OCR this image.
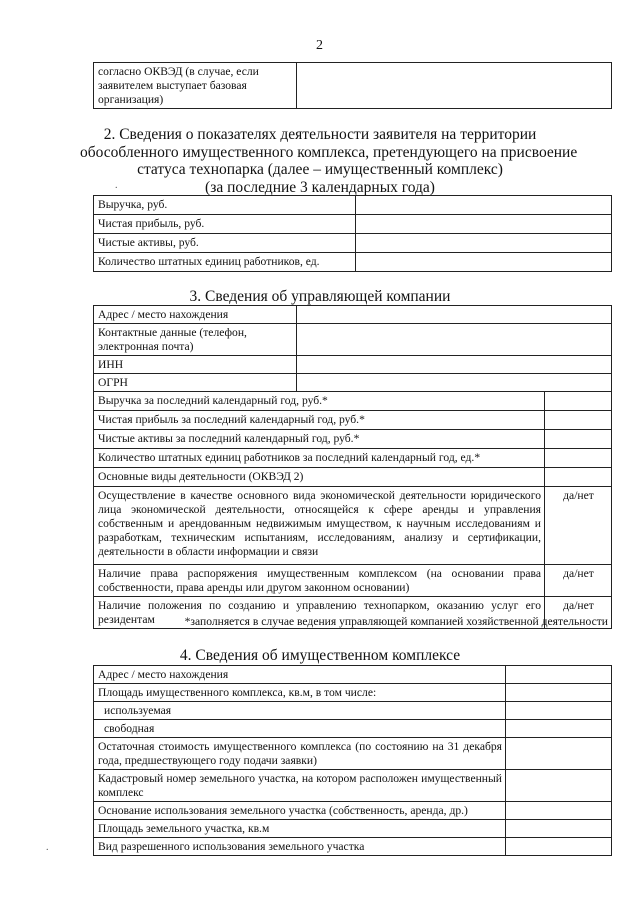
2
согласно ОКВЭД (в случае, если заявителем выступает базовая организация)	
2. Сведения о показателях деятельности заявителя на территории
обособленного имущественного комплекса, претендующего на присвоение
статуса технопарка (далее – имущественный комплекс)
(за последние 3 календарных года)
.
Выручка, руб.	
Чистая прибыль, руб.	
Чистые активы, руб.	
Количество штатных единиц работников, ед.	
3. Сведения об управляющей компании
Адрес / место нахождения		
Контактные данные (телефон, электронная почта)		
ИНН		
ОГРН		
Выручка за последний календарный год, руб.*		
Чистая прибыль за последний календарный год, руб.*		
Чистые активы за последний календарный год, руб.*		
Количество штатных единиц работников за последний календарный год, ед.*		
Основные виды деятельности (ОКВЭД 2)		
Осуществление в качестве основного вида экономической деятельности юридического лица экономической деятельности, относящейся к сфере аренды и управления собственным и арендованным недвижимым имуществом, к научным исследованиям и разработкам, техническим испытаниям, исследованиям, анализу и сертификации, деятельности в области информации и связи		да/нет
Наличие права распоряжения имущественным комплексом (на основании права собственности, права аренды или другом законном основании)		да/нет
Наличие положения по созданию и управлению технопарком, оказанию услуг его резидентам		да/нет
*заполняется в случае ведения управляющей компанией хозяйственной деятельности
4. Сведения об имущественном комплексе
Адрес / место нахождения	
Площадь имущественного комплекса, кв.м, в том числе:	
используемая	
свободная	
Остаточная стоимость имущественного комплекса (по состоянию на 31 декабря года, предшествующего году подачи заявки)	
Кадастровый номер земельного участка, на котором расположен имущественный комплекс	
Основание использования земельного участка (собственность, аренда, др.)	
Площадь земельного участка, кв.м	
Вид разрешенного использования земельного участка	
.
